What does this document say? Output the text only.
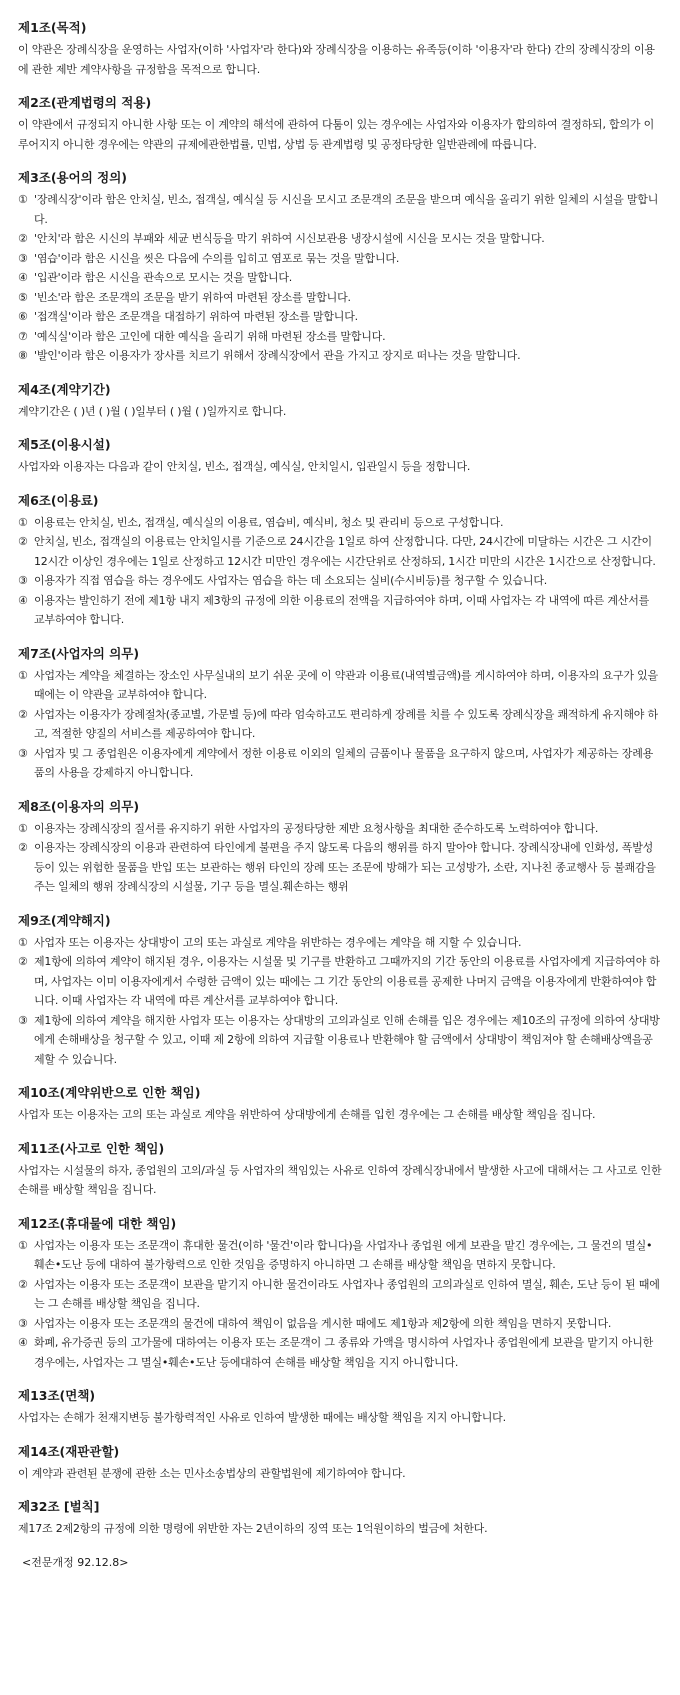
제1조(목적)

이 약관은 장례식장을 운영하는 사업자(이하 '사업자'라 한다)와 장례식장을 이용하는 유족등(이하 '이용자'라 한다) 간의 장례식장의 이용에 관한 제반 계약사항을 규정함을 목적으로 합니다.

제2조(관계법령의 적용)

이 약관에서 규정되지 아니한 사항 또는 이 계약의 해석에 관하여 다툼이 있는 경우에는 사업자와 이용자가 합의하여 결정하되, 합의가 이루어지지 아니한 경우에는 약관의 규제에관한법률, 민법, 상법 등 관계법령 및 공정타당한 일반관례에 따릅니다.

제3조(용어의 정의)
① '장례식장'이라 함은 안치실, 빈소, 접객실, 예식실 등 시신을 모시고 조문객의 조문을 받으며 예식을 올리기 위한 일체의 시설을 말합니다.
② '안치'라 함은 시신의 부패와 세균 번식등을 막기 위하여 시신보관용 냉장시설에 시신을 모시는 것을 말합니다.
③ '염습'이라 함은 시신을 씻은 다음에 수의를 입히고 염포로 묶는 것을 말합니다.
④ '입관'이라 함은 시신을 관속으로 모시는 것을 말합니다.
⑤ '빈소'라 함은 조문객의 조문을 받기 위하여 마련된 장소를 말합니다.
⑥ '접객실'이라 함은 조문객을 대접하기 위하여 마련된 장소를 말합니다.
⑦ '예식실'이라 함은 고인에 대한 예식을 올리기 위해 마련된 장소를 말합니다.
⑧ '발인'이라 함은 이용자가 장사를 치르기 위해서 장례식장에서 관을 가지고 장지로 떠나는 것을 말합니다.
제4조(계약기간)

계약기간은 ( )년 ( )월 ( )일부터 ( )월 ( )일까지로 합니다.

제5조(이용시설)

사업자와 이용자는 다음과 같이 안치실, 빈소, 접객실, 예식실, 안치일시, 입관일시 등을 정합니다.

제6조(이용료)
① 이용료는 안치실, 빈소, 접객실, 예식실의 이용료, 염습비, 예식비, 청소 및 관리비 등으로 구성합니다.
② 안치실, 빈소, 접객실의 이용료는 안치일시를 기준으로 24시간을 1일로 하여 산정합니다. 다만, 24시간에 미달하는 시간은 그 시간이 12시간 이상인 경우에는 1일로 산정하고 12시간 미만인 경우에는 시간단위로 산정하되, 1시간 미만의 시간은 1시간으로 산정합니다.
③ 이용자가 직접 염습을 하는 경우에도 사업자는 염습을 하는 데 소요되는 실비(수시비등)를 청구할 수 있습니다.
④ 이용자는 발인하기 전에 제1항 내지 제3항의 규정에 의한 이용료의 전액을 지급하여야 하며, 이때 사업자는 각 내역에 따른 계산서를 교부하여야 합니다.
제7조(사업자의 의무)
① 사업자는 계약을 체결하는 장소인 사무실내의 보기 쉬운 곳에 이 약관과 이용료(내역별금액)를 게시하여야 하며, 이용자의 요구가 있을 때에는 이 약관을 교부하여야 합니다.
② 사업자는 이용자가 장례절차(종교별, 가문별 등)에 따라 엄숙하고도 편리하게 장례를 치를 수 있도록 장례식장을 쾌적하게 유지해야 하고, 적절한 양질의 서비스를 제공하여야 합니다.
③ 사업자 및 그 종업원은 이용자에게 계약에서 정한 이용료 이외의 일체의 금품이나 물품을 요구하지 않으며, 사업자가 제공하는 장례용품의 사용을 강제하지 아니합니다.
제8조(이용자의 의무)
① 이용자는 장례식장의 질서를 유지하기 위한 사업자의 공정타당한 제반 요청사항을 최대한 준수하도록 노력하여야 합니다.
② 이용자는 장례식장의 이용과 관련하여 타인에게 불편을 주지 않도록 다음의 행위를 하지 말아야 합니다. 장례식장내에 인화성, 폭발성 등이 있는 위험한 물품을 반입 또는 보관하는 행위 타인의 장례 또는 조문에 방해가 되는 고성방가, 소란, 지나친 종교행사 등 불쾌감을 주는 일체의 행위 장례식장의 시설물, 기구 등을 멸실.훼손하는 행위
제9조(계약해지)
① 사업자 또는 이용자는 상대방이 고의 또는 과실로 계약을 위반하는 경우에는 계약을 해 지할 수 있습니다.
② 제1항에 의하여 계약이 해지된 경우, 이용자는 시설물 및 기구를 반환하고 그때까지의 기간 동안의 이용료를 사업자에게 지급하여야 하며, 사업자는 이미 이용자에게서 수령한 금액이 있는 때에는 그 기간 동안의 이용료를 공제한 나머지 금액을 이용자에게 반환하여야 합니다. 이때 사업자는 각 내역에 따른 계산서를 교부하여야 합니다.
③ 제1항에 의하여 계약을 해지한 사업자 또는 이용자는 상대방의 고의과실로 인해 손해를 입은 경우에는 제10조의 규정에 의하여 상대방에게 손해배상을 청구할 수 있고, 이때 제 2항에 의하여 지급할 이용료나 반환해야 할 금액에서 상대방이 책임져야 할 손해배상액을공제할 수 있습니다.
제10조(계약위반으로 인한 책임)

사업자 또는 이용자는 고의 또는 과실로 계약을 위반하여 상대방에게 손해를 입힌 경우에는 그 손해를 배상할 책임을 집니다.

제11조(사고로 인한 책임)

사업자는 시설물의 하자, 종업원의 고의/과실 등 사업자의 책임있는 사유로 인하여 장례식장내에서 발생한 사고에 대해서는 그 사고로 인한 손해를 배상할 책임을 집니다.

제12조(휴대물에 대한 책임)
① 사업자는 이용자 또는 조문객이 휴대한 물건(이하 '물건'이라 합니다)을 사업자나 종업원 에게 보관을 맡긴 경우에는, 그 물건의 멸실•훼손•도난 등에 대하여 불가항력으로 인한 것임을 증명하지 아니하면 그 손해를 배상할 책임을 면하지 못합니다.
② 사업자는 이용자 또는 조문객이 보관을 맡기지 아니한 물건이라도 사업자나 종업원의 고의과실로 인하여 멸실, 훼손, 도난 등이 된 때에는 그 손해를 배상할 책임을 집니다.
③ 사업자는 이용자 또는 조문객의 물건에 대하여 책임이 없음을 게시한 때에도 제1항과 제2항에 의한 책임을 면하지 못합니다.
④ 화폐, 유가증권 등의 고가물에 대하여는 이용자 또는 조문객이 그 종류와 가액을 명시하여 사업자나 종업원에게 보관을 맡기지 아니한 경우에는, 사업자는 그 멸실•훼손•도난 등에대하여 손해를 배상할 책임을 지지 아니합니다.
제13조(면책)

사업자는 손해가 천재지변등 불가항력적인 사유로 인하여 발생한 때에는 배상할 책임을 지지 아니합니다.

제14조(재판관할)

이 계약과 관련된 분쟁에 관한 소는 민사소송법상의 관할법원에 제기하여야 합니다.

제32조 [벌칙]

제17조 2제2항의 규정에 의한 명령에 위반한 자는 2년이하의 징역 또는 1억원이하의 벌금에 처한다.

<전문개정 92.12.8>
